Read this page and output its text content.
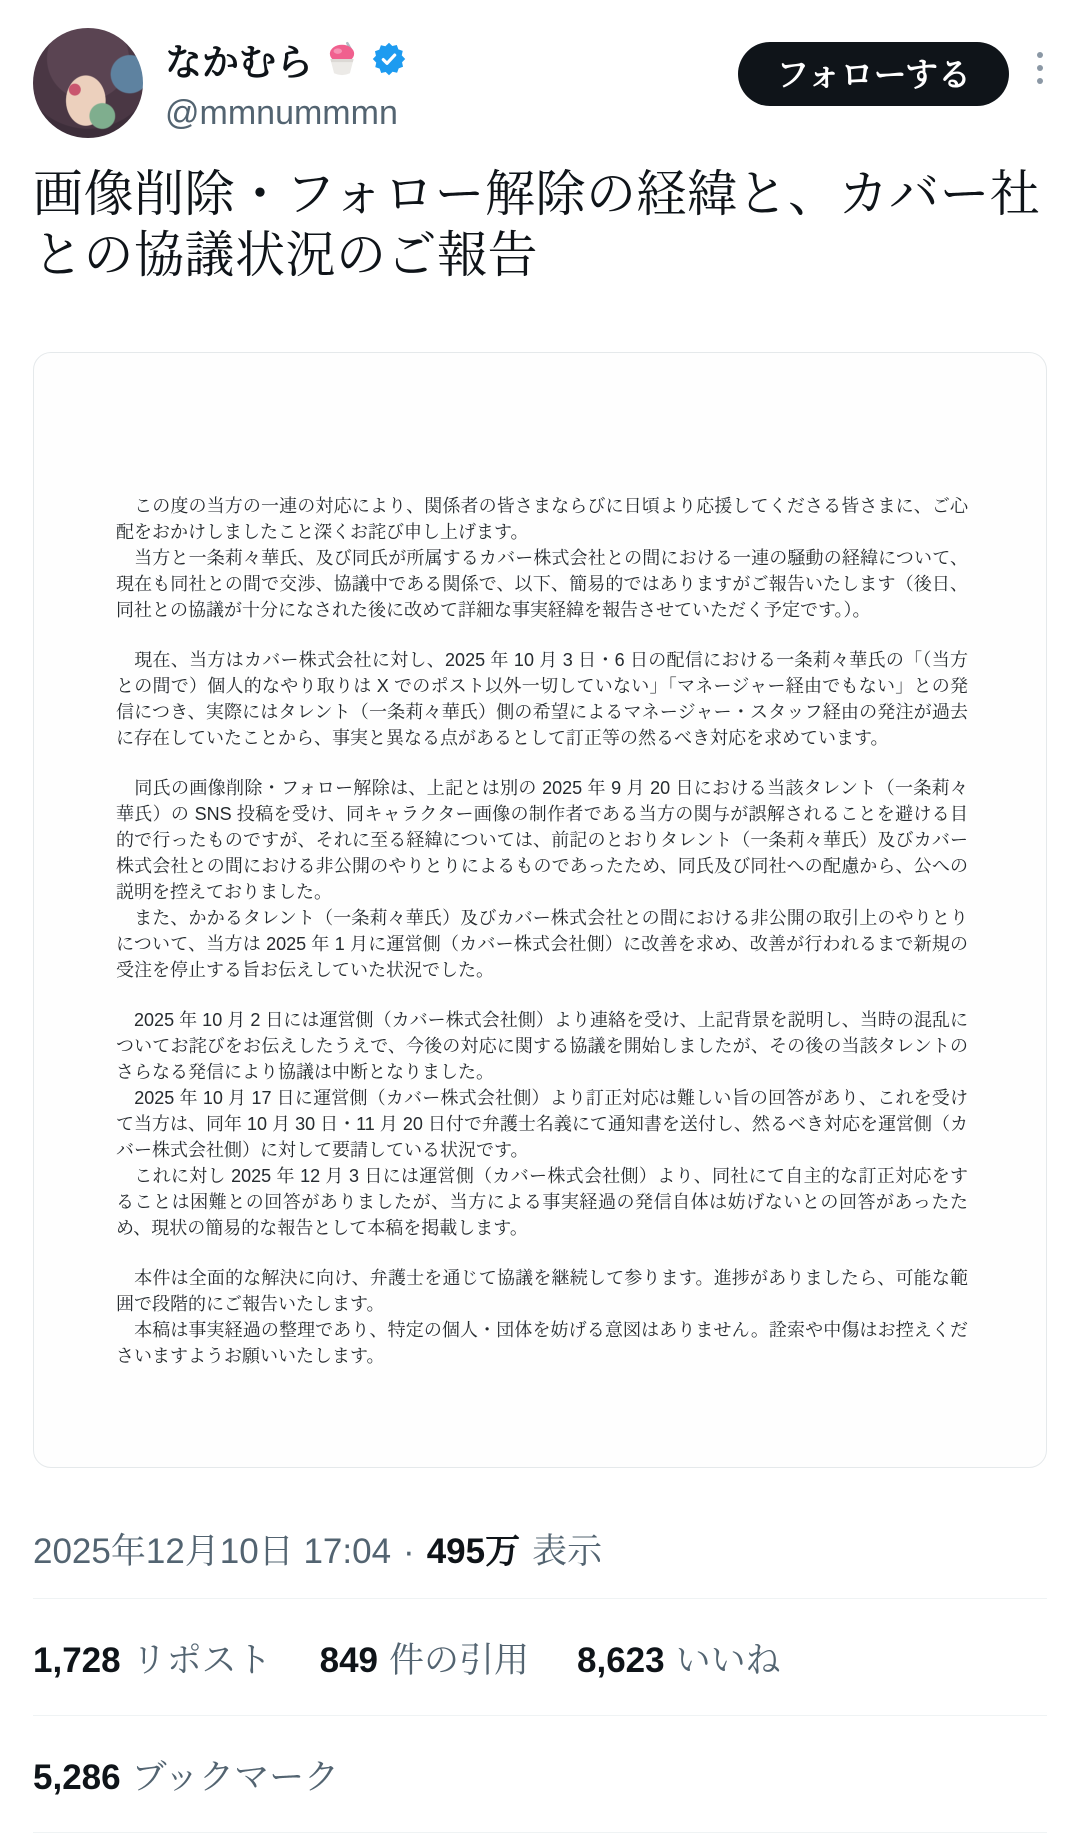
なかむら
@mmnummmn
フォローする
画像削除・フォロー解除の経緯と、カバー社との協議状況のご報告

　この度の当方の一連の対応により、関係者の皆さまならびに日頃より応援してくださる皆さまに、ご心配をおかけしましたこと深くお詫び申し上げます。

　当方と一条莉々華氏、及び同氏が所属するカバー株式会社との間における一連の騒動の経緯について、現在も同社との間で交渉、協議中である関係で、以下、簡易的ではありますがご報告いたします（後日、同社との協議が十分になされた後に改めて詳細な事実経緯を報告させていただく予定です。）。

　現在、当方はカバー株式会社に対し、2025 年 10 月 3 日・6 日の配信における一条莉々華氏の「（当方との間で）個人的なやり取りは X でのポスト以外一切していない」「マネージャー経由でもない」との発信につき、実際にはタレント（一条莉々華氏）側の希望によるマネージャー・スタッフ経由の発注が過去に存在していたことから、事実と異なる点があるとして訂正等の然るべき対応を求めています。

　同氏の画像削除・フォロー解除は、上記とは別の 2025 年 9 月 20 日における当該タレント（一条莉々華氏）の SNS 投稿を受け、同キャラクター画像の制作者である当方の関与が誤解されることを避ける目的で行ったものですが、それに至る経緯については、前記のとおりタレント（一条莉々華氏）及びカバー株式会社との間における非公開のやりとりによるものであったため、同氏及び同社への配慮から、公への説明を控えておりました。

　また、かかるタレント（一条莉々華氏）及びカバー株式会社との間における非公開の取引上のやりとりについて、当方は 2025 年 1 月に運営側（カバー株式会社側）に改善を求め、改善が行われるまで新規の受注を停止する旨お伝えしていた状況でした。

　2025 年 10 月 2 日には運営側（カバー株式会社側）より連絡を受け、上記背景を説明し、当時の混乱についてお詫びをお伝えしたうえで、今後の対応に関する協議を開始しましたが、その後の当該タレントのさらなる発信により協議は中断となりました。

　2025 年 10 月 17 日に運営側（カバー株式会社側）より訂正対応は難しい旨の回答があり、これを受けて当方は、同年 10 月 30 日・11 月 20 日付で弁護士名義にて通知書を送付し、然るべき対応を運営側（カバー株式会社側）に対して要請している状況です。

　これに対し 2025 年 12 月 3 日には運営側（カバー株式会社側）より、同社にて自主的な訂正対応をすることは困難との回答がありましたが、当方による事実経過の発信自体は妨げないとの回答があったため、現状の簡易的な報告として本稿を掲載します。

　本件は全面的な解決に向け、弁護士を通じて協議を継続して参ります。進捗がありましたら、可能な範囲で段階的にご報告いたします。

　本稿は事実経過の整理であり、特定の個人・団体を妨げる意図はありません。詮索や中傷はお控えくださいますようお願いいたします。

2025年12月10日 17:04 · 495万 表示
1,728 リポスト 849 件の引用 8,623 いいね
5,286 ブックマーク
